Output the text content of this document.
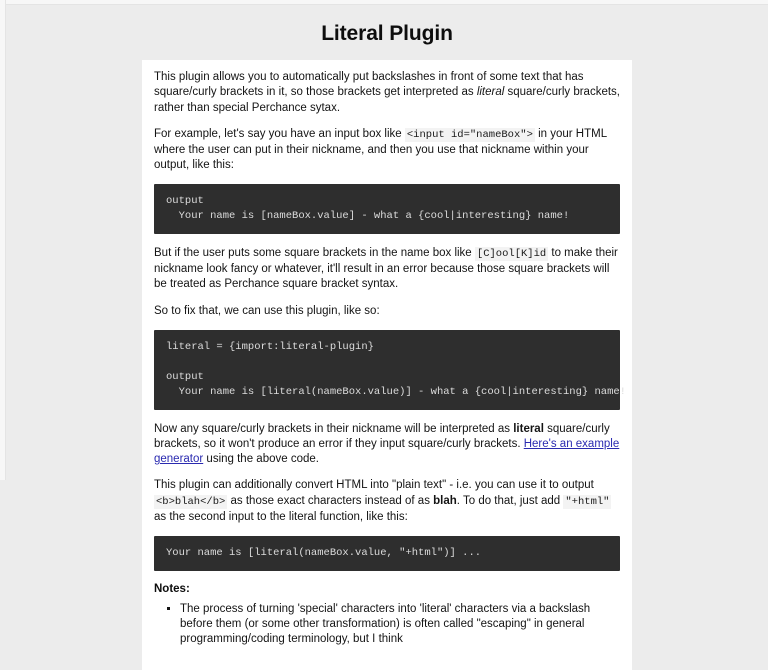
Literal Plugin

This plugin allows you to automatically put backslashes in front of some text that has square/curly brackets in it, so those brackets get interpreted as literal square/curly brackets, rather than special Perchance sytax.

For example, let's say you have an input box like <input id="nameBox"> in your HTML where the user can put in their nickname, and then you use that nickname within your output, like this:

output
Your name is [nameBox.value] - what a {cool|interesting} name!

But if the user puts some square brackets in the name box like [C]ool[K]id to make their nickname look fancy or whatever, it'll result in an error because those square brackets will be treated as Perchance square bracket syntax.

So to fix that, we can use this plugin, like so:

literal = {import:literal-plugin}

output
Your name is [literal(nameBox.value)] - what a {cool|interesting} name!

Now any square/curly brackets in their nickname will be interpreted as literal square/curly brackets, so it won't produce an error if they input square/curly brackets. Here's an example generator using the above code.

This plugin can additionally convert HTML into "plain text" - i.e. you can use it to output <b>blah</b> as those exact characters instead of as blah. To do that, just add "+html" as the second input to the literal function, like this:

Your name is [literal(nameBox.value, "+html")] ...
Notes:
▪ The process of turning 'special' characters into 'literal' characters via a backslash before them (or some other transformation) is often called "escaping" in general programming/coding terminology, but I think
